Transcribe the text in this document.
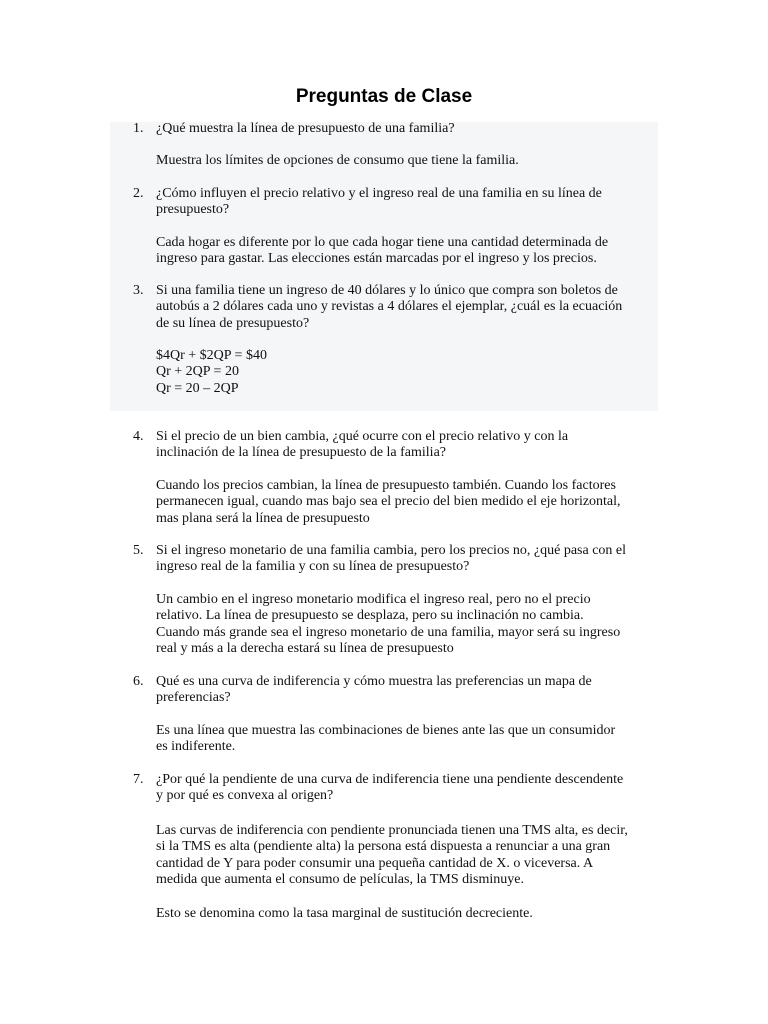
Preguntas de Clase
1. ¿Qué muestra la línea de presupuesto de una familia?
Muestra los límites de opciones de consumo que tiene la familia.
2. ¿Cómo influyen el precio relativo y el ingreso real de una familia en su línea de
presupuesto?
Cada hogar es diferente por lo que cada hogar tiene una cantidad determinada de
ingreso para gastar. Las elecciones están marcadas por el ingreso y los precios.
3. Si una familia tiene un ingreso de 40 dólares y lo único que compra son boletos de
autobús a 2 dólares cada uno y revistas a 4 dólares el ejemplar, ¿cuál es la ecuación
de su línea de presupuesto?
$4Qr + $2QP = $40
Qr + 2QP = 20
Qr = 20 – 2QP
4. Si el precio de un bien cambia, ¿qué ocurre con el precio relativo y con la
inclinación de la línea de presupuesto de la familia?
Cuando los precios cambian, la línea de presupuesto también. Cuando los factores
permanecen igual, cuando mas bajo sea el precio del bien medido el eje horizontal,
mas plana será la línea de presupuesto
5. Si el ingreso monetario de una familia cambia, pero los precios no, ¿qué pasa con el
ingreso real de la familia y con su línea de presupuesto?
Un cambio en el ingreso monetario modifica el ingreso real, pero no el precio
relativo. La línea de presupuesto se desplaza, pero su inclinación no cambia.
Cuando más grande sea el ingreso monetario de una familia, mayor será su ingreso
real y más a la derecha estará su línea de presupuesto
6. Qué es una curva de indiferencia y cómo muestra las preferencias un mapa de
preferencias?
Es una línea que muestra las combinaciones de bienes ante las que un consumidor
es indiferente.
7. ¿Por qué la pendiente de una curva de indiferencia tiene una pendiente descendente
y por qué es convexa al origen?
Las curvas de indiferencia con pendiente pronunciada tienen una TMS alta, es decir,
si la TMS es alta (pendiente alta) la persona está dispuesta a renunciar a una gran
cantidad de Y para poder consumir una pequeña cantidad de X. o viceversa. A
medida que aumenta el consumo de películas, la TMS disminuye.
Esto se denomina como la tasa marginal de sustitución decreciente.
